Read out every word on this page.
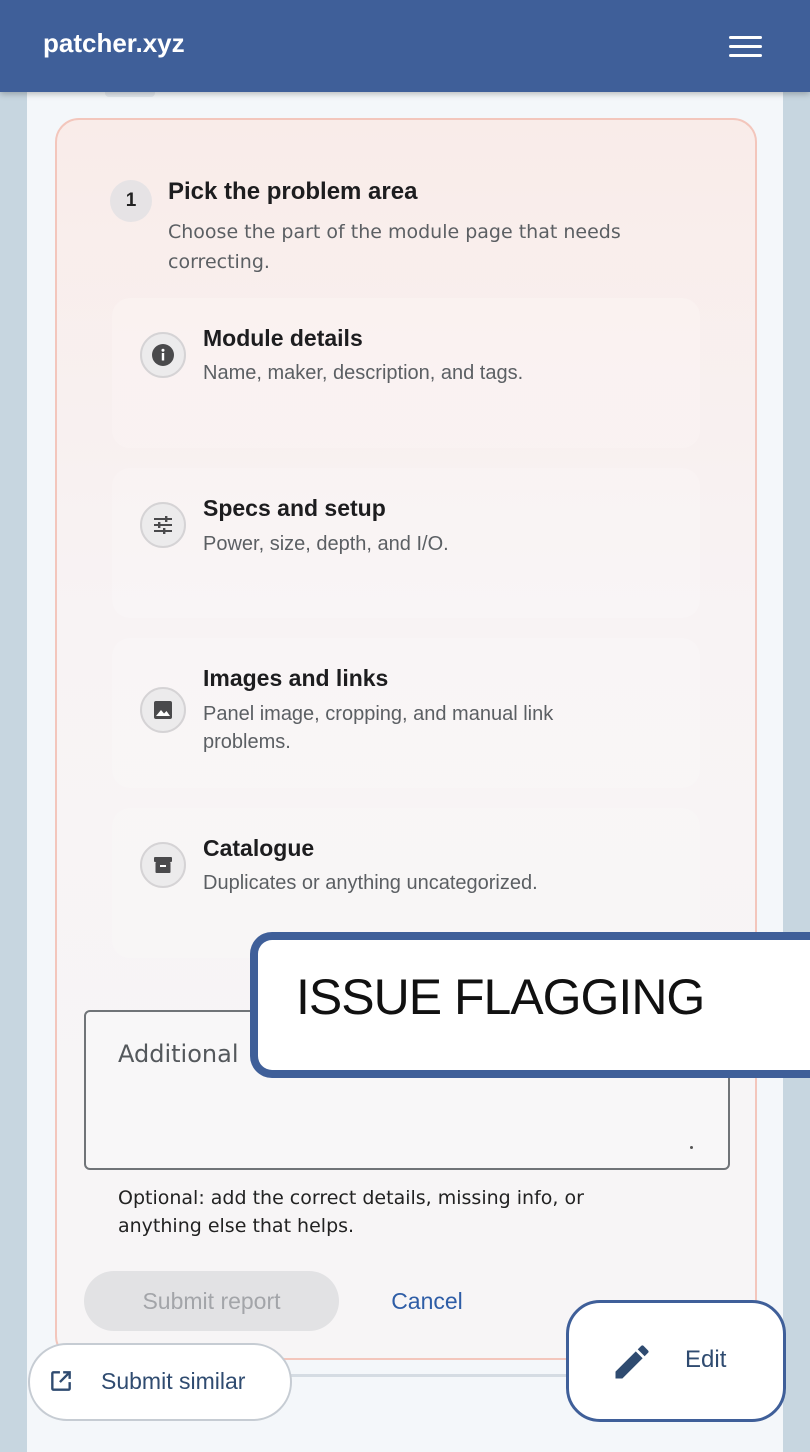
patcher.xyz
1	Pick the problem area
Choose the part of the module page that needs correcting.
Module details
Name, maker, description, and tags.
Specs and setup
Power, size, depth, and I/O.
Images and links
Panel image, cropping, and manual link problems.
Catalogue
Duplicates or anything uncategorized.
Additional
Optional: add the correct details, missing info, or anything else that helps.
Submit report	Cancel
ISSUE FLAGGING
Submit similar
Edit
